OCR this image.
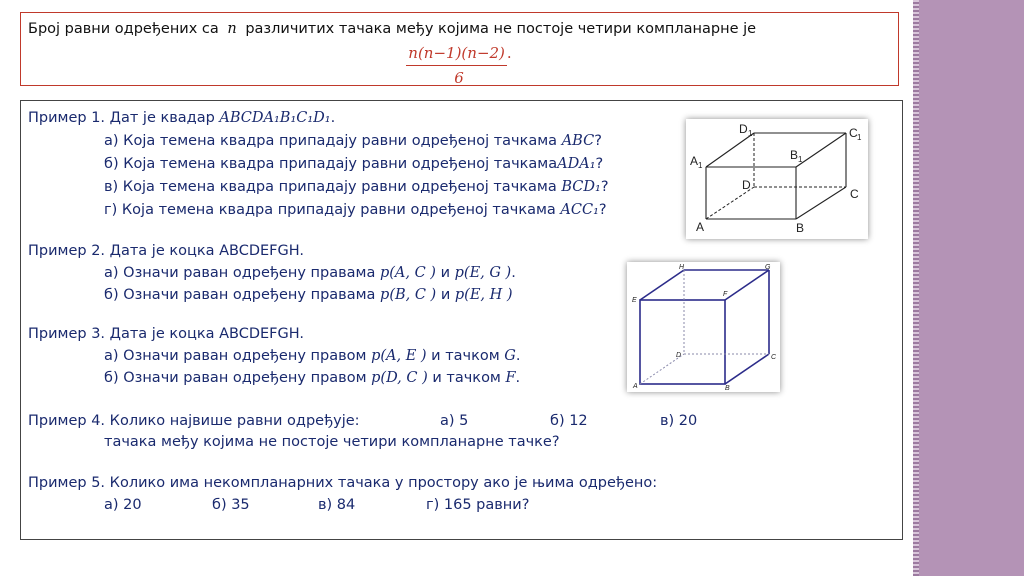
Број равни одређених са n различитих тачака међу којима не постоје четири компланарне је
n(n−1)(n−2) .
6
Пример 1. Дат је квадар ABCDA₁B₁C₁D₁.
а) Која темена квадра припадају равни одређеној тачкама ABC?
б) Која темена квадра припадају равни одређеној тачкамаADA₁?
в) Која темена квадра припадају равни одређеној тачкама BCD₁?
г) Која темена квадра припадају равни одређеној тачкама ACC₁?
Пример 2. Дата је коцка ABCDEFGH.
а) Означи раван одређену правама p(A, C ) и p(E, G ).
б) Означи раван одређену правама p(B, C ) и p(E, H )
Пример 3. Дата је коцка ABCDEFGH.
а) Означи раван одређену правом p(A, E ) и тачком G.
б) Означи раван одређену правом p(D, C ) и тачком F.
Пример 4. Колико највише равни одређује:	а) 5	б) 12	в) 20
тачака међу којима не постоје четири компланарне тачке?
Пример 5. Колико има некомпланарних тачака у простору ако је њима одређено:
а) 20	б) 35	в) 84	г) 165 равни?
D 1	C 1
A 1
B 1
D
C
A	B
H	G
E
F
D	C
A	B
